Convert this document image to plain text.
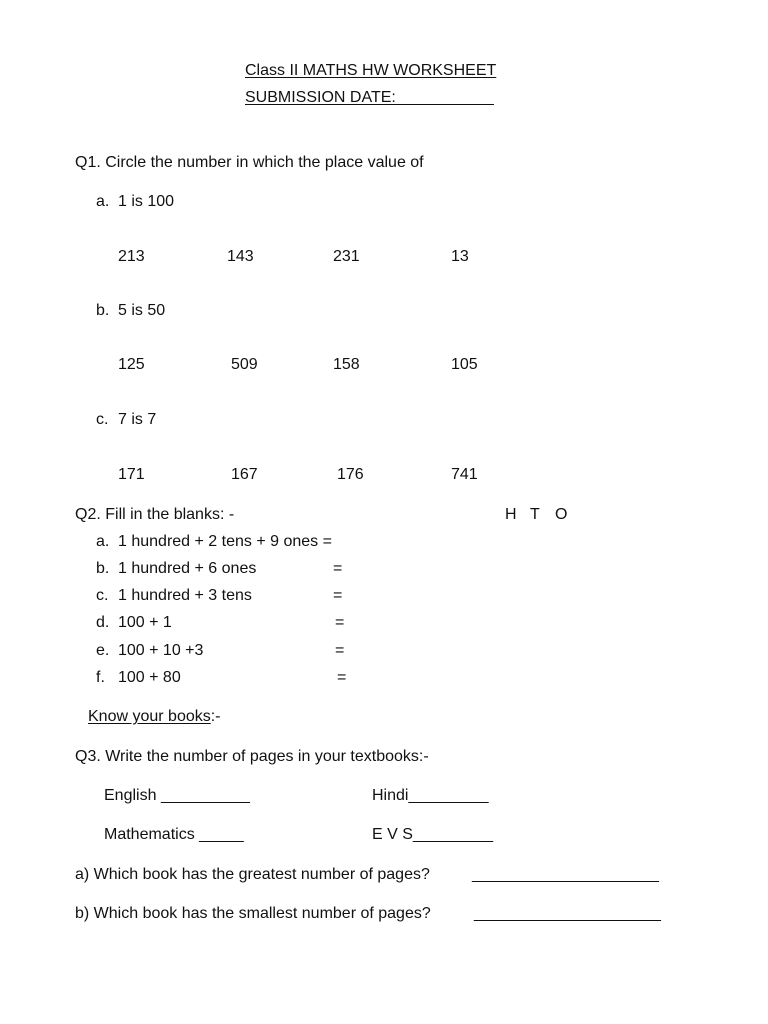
Class II MATHS HW WORKSHEET
SUBMISSION DATE:___________
Q1. Circle the number in which the place value of
a. 1 is 100
213	143	231	13
b. 5 is 50
125	509	158	105
c. 7 is 7
171	167	176	741
Q2. Fill in the blanks: -	H T O
a. 1 hundred + 2 tens + 9 ones =
b. 1 hundred + 6 ones	=
c. 1 hundred + 3 tens	=
d. 100 + 1	=
e. 100 + 10 +3	=
f. 100 + 80	=
Know your books:-
Q3. Write the number of pages in your textbooks:-
English __________	Hindi_________
Mathematics _____	E V S_________
a) Which book has the greatest number of pages?	_____________________
b) Which book has the smallest number of pages?	_____________________
